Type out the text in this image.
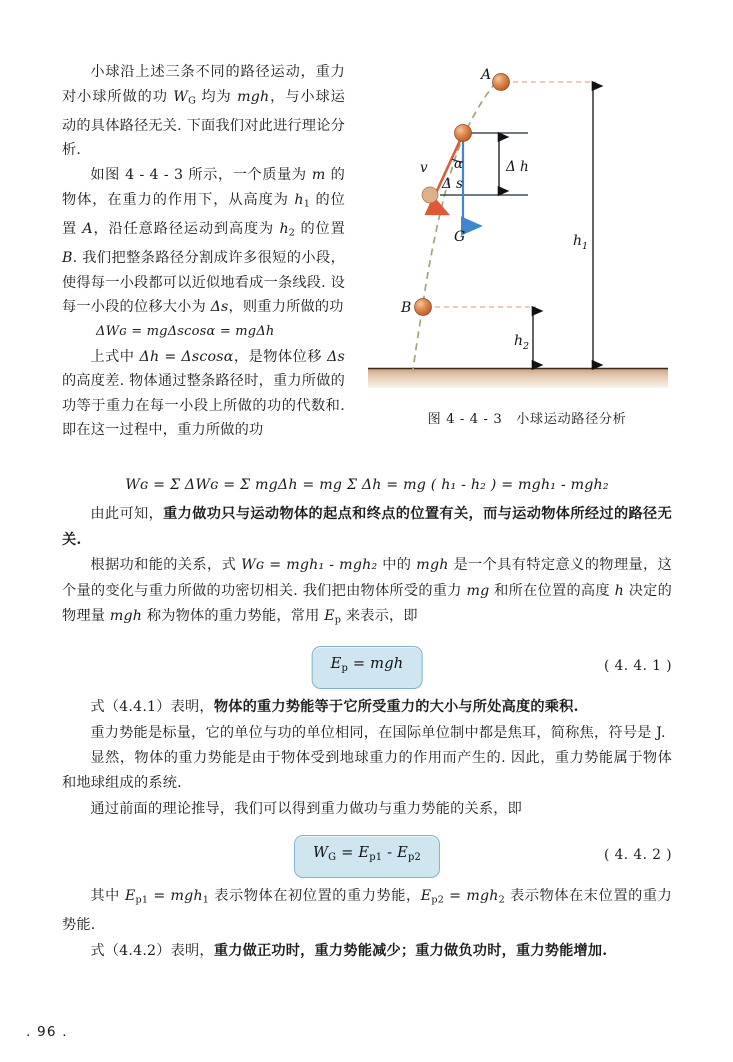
小球沿上述三条不同的路径运动，重力对小球所做的功 $W_G$ 均为 mgh，与小球运动的具体路径无关. 下面我们对此进行理论分析.

如图 4 - 4 - 3 所示，一个质量为 m 的物体，在重力的作用下，从高度为 $h_1$ 的位置 A，沿任意路径运动到高度为 $h_2$ 的位置 B. 我们把整条路径分割成许多很短的小段，使得每一小段都可以近似地看成一条线段. 设每一小段的位移大小为 Δs，则重力所做的功

ΔWɢ = mgΔscosα = mgΔh

上式中 Δh = Δscosα，是物体位移 Δs 的高度差. 物体通过整条路径时，重力所做的功等于重力在每一小段上所做的功的代数和. 即在这一过程中，重力所做的功

A
B
v α
Δ s
Δ h
G	$h_1$
$h_2$
图 4 - 4 - 3　小球运动路径分析

Wɢ = Σ ΔWɢ = Σ mgΔh = mg Σ Δh = mg ( h₁ - h₂ ) = mgh₁ - mgh₂

由此可知，重力做功只与运动物体的起点和终点的位置有关，而与运动物体所经过的路径无关.

根据功和能的关系，式 Wɢ = mgh₁ - mgh₂ 中的 mgh 是一个具有特定意义的物理量，这个量的变化与重力所做的功密切相关. 我们把由物体所受的重力 mg 和所在位置的高度 h 决定的物理量 mgh 称为物体的重力势能，常用 $E_p$ 来表示，即

$E_p$ = mgh	( 4. 4. 1 )

式（4.4.1）表明，物体的重力势能等于它所受重力的大小与所处高度的乘积.

重力势能是标量，它的单位与功的单位相同，在国际单位制中都是焦耳，简称焦，符号是 J.

显然，物体的重力势能是由于物体受到地球重力的作用而产生的. 因此，重力势能属于物体和地球组成的系统.

通过前面的理论推导，我们可以得到重力做功与重力势能的关系，即

$W_G = E_{p1} - E_{p2}$	( 4. 4. 2 )

其中 $E_{p1} = mgh_1$ 表示物体在初位置的重力势能，$E_{p2} = mgh_2$ 表示物体在末位置的重力势能.

式（4.4.2）表明，重力做正功时，重力势能减少；重力做负功时，重力势能增加.

. 96 .
